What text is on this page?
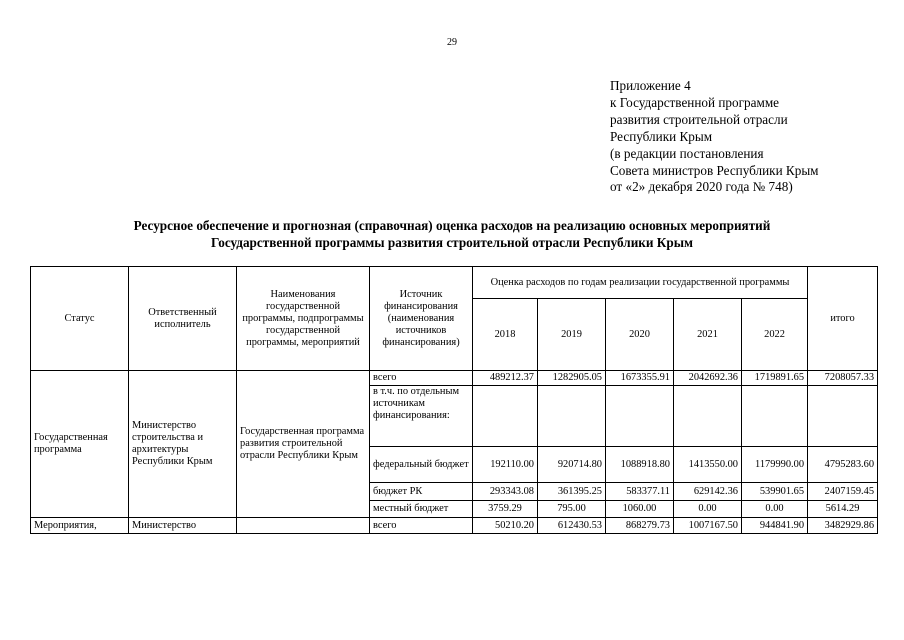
29
Приложение 4
к Государственной программе
развития строительной отрасли
Республики Крым
(в редакции постановления
Совета министров Республики Крым
от «2» декабря 2020 года № 748)
Ресурсное обеспечение и прогнозная (справочная) оценка расходов на реализацию основных мероприятий
Государственной программы развития строительной отрасли Республики Крым
Статус	Ответственный исполнитель	Наименования государственной программы, подпрограммы государственной программы, мероприятий	Источник финансирования (наименования источников финансирования)	Оценка расходов по годам реализации государственной программы					итого
				2018	2019	2020	2021	2022	
Государственная программа	Министерство строительства и архитектуры Республики Крым	Государственная программа развития строительной отрасли Республики Крым	всего	489212.37	1282905.05	1673355.91	2042692.36	1719891.65	7208057.33
			в т.ч. по отдельным источникам финансирования:						
			федеральный бюджет	192110.00	920714.80	1088918.80	1413550.00	1179990.00	4795283.60
			бюджет РК	293343.08	361395.25	583377.11	629142.36	539901.65	2407159.45
			местный бюджет	3759.29	795.00	1060.00	0.00	0.00	5614.29
Мероприятия,	Министерство		всего	50210.20	612430.53	868279.73	1007167.50	944841.90	3482929.86
